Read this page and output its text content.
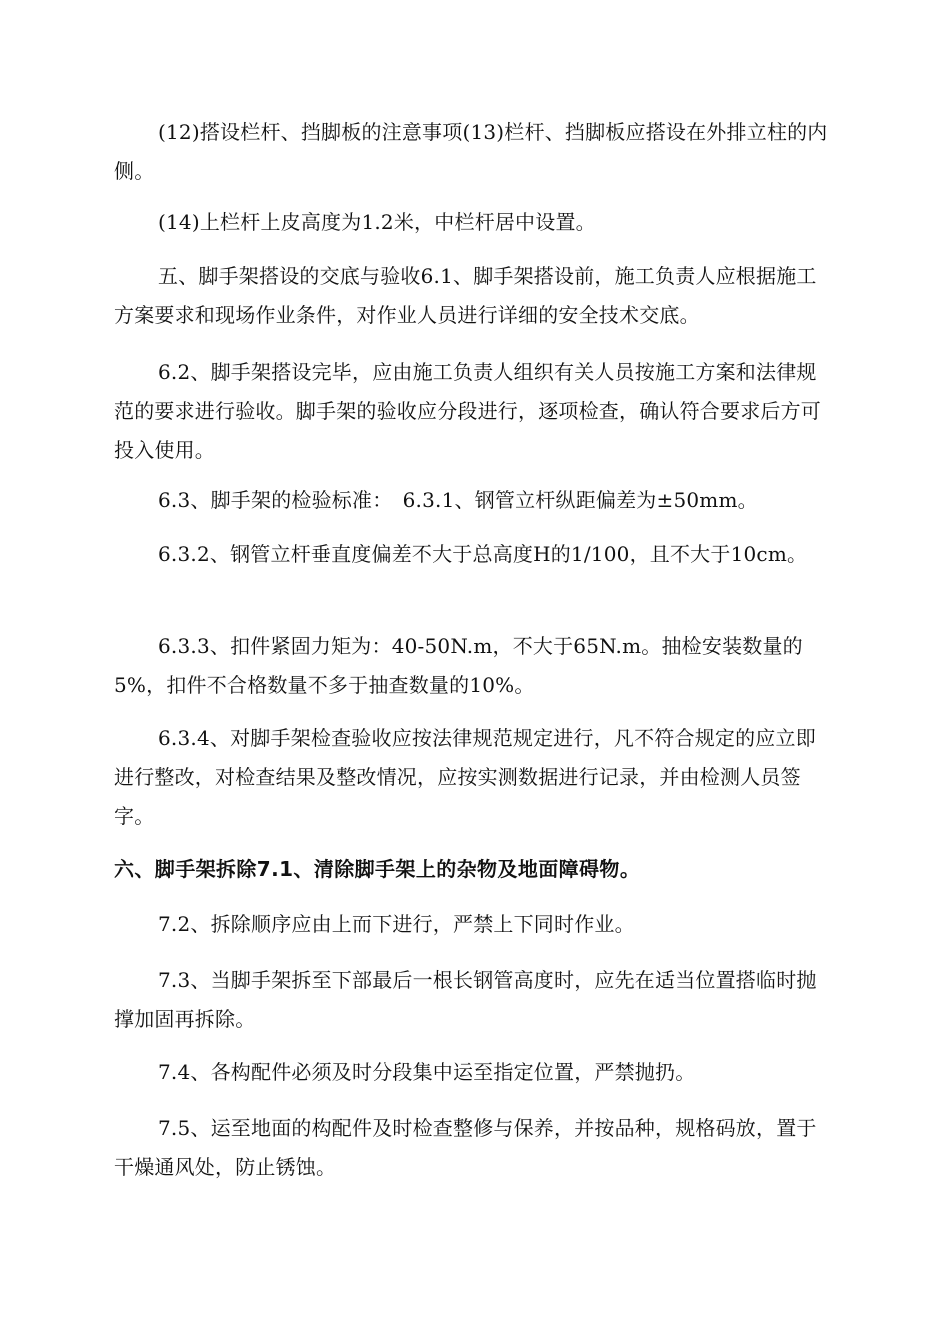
(12)搭设栏杆、挡脚板的注意事项(13)栏杆、挡脚板应搭设在外排立柱的内侧。

(14)上栏杆上皮高度为1.2米，中栏杆居中设置。

五、脚手架搭设的交底与验收6.1、脚手架搭设前，施工负责人应根据施工方案要求和现场作业条件，对作业人员进行详细的安全技术交底。

6.2、脚手架搭设完毕，应由施工负责人组织有关人员按施工方案和法律规范的要求进行验收。脚手架的验收应分段进行，逐项检查，确认符合要求后方可投入使用。

6.3、脚手架的检验标准：　6.3.1、钢管立杆纵距偏差为±50mm。

6.3.2、钢管立杆垂直度偏差不大于总高度H的1/100，且不大于10cm。

6.3.3、扣件紧固力矩为：40-50N.m，不大于65N.m。抽检安装数量的5%，扣件不合格数量不多于抽查数量的10%。

6.3.4、对脚手架检查验收应按法律规范规定进行，凡不符合规定的应立即进行整改，对检查结果及整改情况，应按实测数据进行记录，并由检测人员签字。

六、脚手架拆除7.1、清除脚手架上的杂物及地面障碍物。

7.2、拆除顺序应由上而下进行，严禁上下同时作业。

7.3、当脚手架拆至下部最后一根长钢管高度时，应先在适当位置搭临时抛撑加固再拆除。

7.4、各构配件必须及时分段集中运至指定位置，严禁抛扔。

7.5、运至地面的构配件及时检查整修与保养，并按品种，规格码放，置于干燥通风处，防止锈蚀。
